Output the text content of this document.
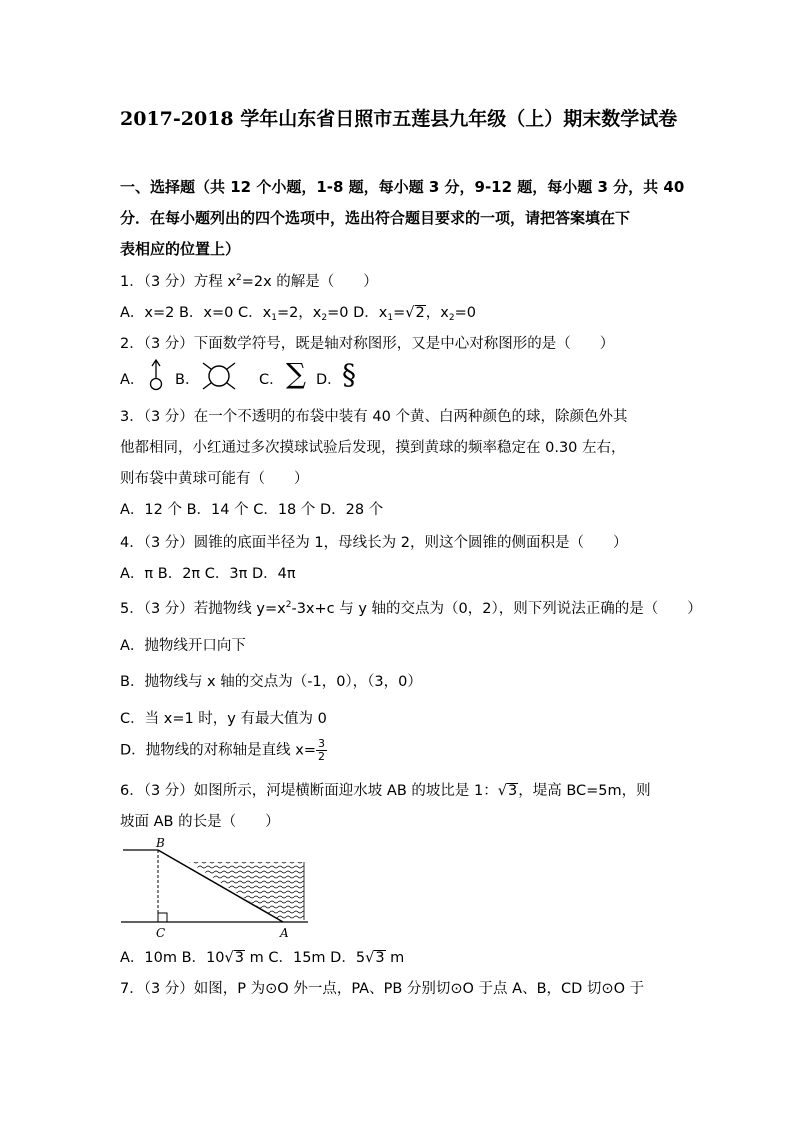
2017-2018 学年山东省日照市五莲县九年级（上）期末数学试卷
一、选择题（共 12 个小题，1-8 题，每小题 3 分，9-12 题，每小题 3 分，共 40
分．在每小题列出的四个选项中，选出符合题目要求的一项，请把答案填在下
表相应的位置上）
1．（3 分）方程 $x^2=2x$ 的解是（　　）
A．x=2 B．x=0 C．$x_1=2$，$x_2=0$ D．$x_1=√2$，$x_2=0$
2．（3 分）下面数学符号，既是轴对称图形，又是中心对称图形的是（　　）
A． B．	C． ∑ D． §
3．（3 分）在一个不透明的布袋中装有 40 个黄、白两种颜色的球，除颜色外其
他都相同，小红通过多次摸球试验后发现，摸到黄球的频率稳定在 0.30 左右，
则布袋中黄球可能有（　　）
A．12 个 B．14 个 C．18 个 D．28 个
4．（3 分）圆锥的底面半径为 1，母线长为 2，则这个圆锥的侧面积是（　　）
A．π B．2π C．3π D．4π
5．（3 分）若抛物线 $y=x^2-3x+c$ 与 y 轴的交点为（0，2），则下列说法正确的是（　　）
A．抛物线开口向下
B．抛物线与 x 轴的交点为（-1，0），（3，0）
C．当 x=1 时，y 有最大值为 0
D．抛物线的对称轴是直线 $x= \frac{3}{2}$
6．（3 分）如图所示，河堤横断面迎水坡 AB 的坡比是 1：√3，堤高 BC=5m，则
坡面 AB 的长是（　　）
B
C	A
A．10m B．10√3 m C．15m D．5√3 m
7．（3 分）如图，P 为⊙O 外一点，PA、PB 分别切⊙O 于点 A、B，CD 切⊙O 于
